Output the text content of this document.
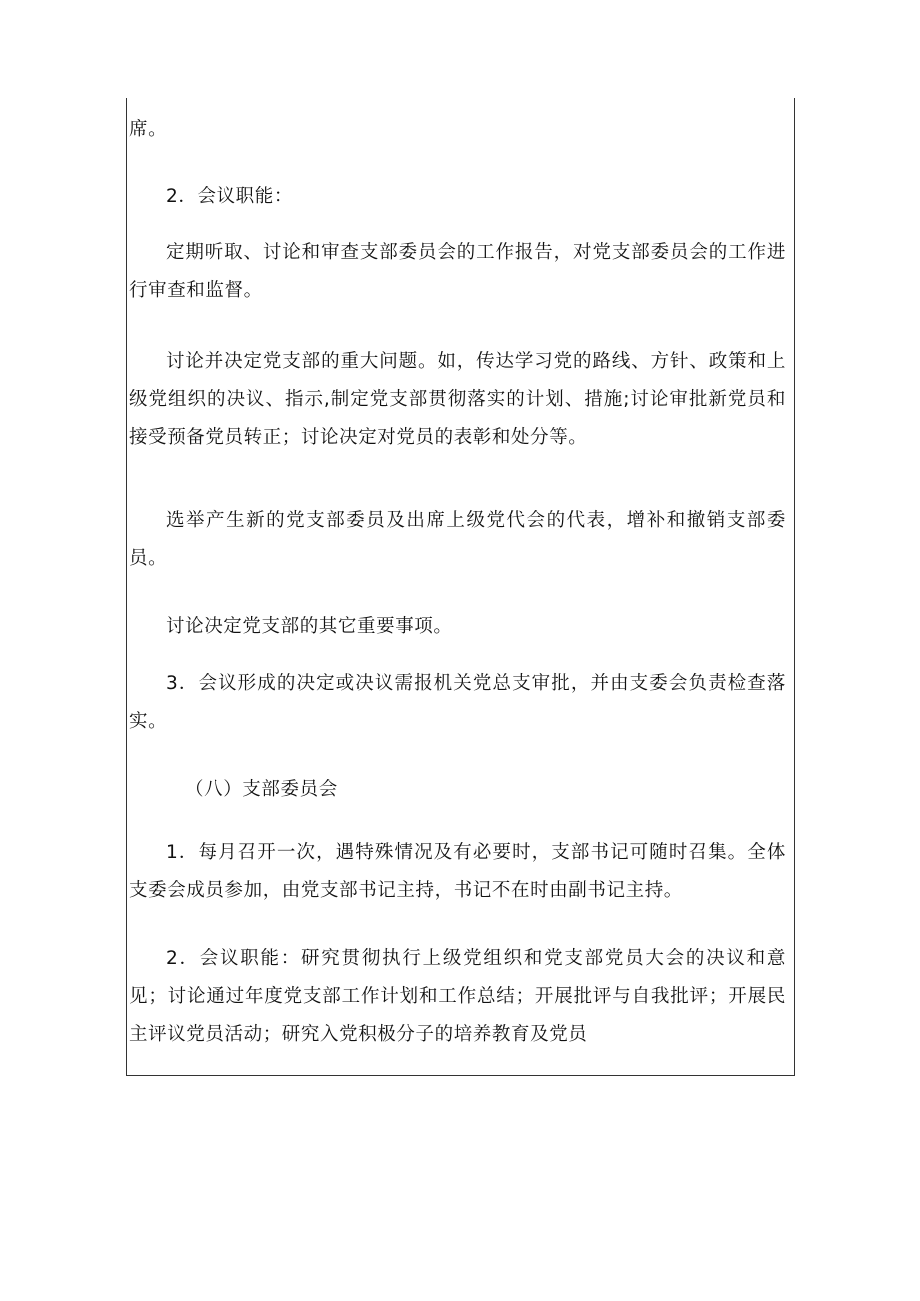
席。

2．会议职能：

定期听取、讨论和审查支部委员会的工作报告，对党支部委员会的工作进行审查和监督。

讨论并决定党支部的重大问题。如，传达学习党的路线、方针、政策和上级党组织的决议、指示,制定党支部贯彻落实的计划、措施;讨论审批新党员和接受预备党员转正；讨论决定对党员的表彰和处分等。

选举产生新的党支部委员及出席上级党代会的代表，增补和撤销支部委员。

讨论决定党支部的其它重要事项。

3．会议形成的决定或决议需报机关党总支审批，并由支委会负责检查落实。

（八）支部委员会

1．每月召开一次，遇特殊情况及有必要时，支部书记可随时召集。全体支委会成员参加，由党支部书记主持，书记不在时由副书记主持。

2．会议职能：研究贯彻执行上级党组织和党支部党员大会的决议和意见；讨论通过年度党支部工作计划和工作总结；开展批评与自我批评；开展民主评议党员活动；研究入党积极分子的培养教育及党员
